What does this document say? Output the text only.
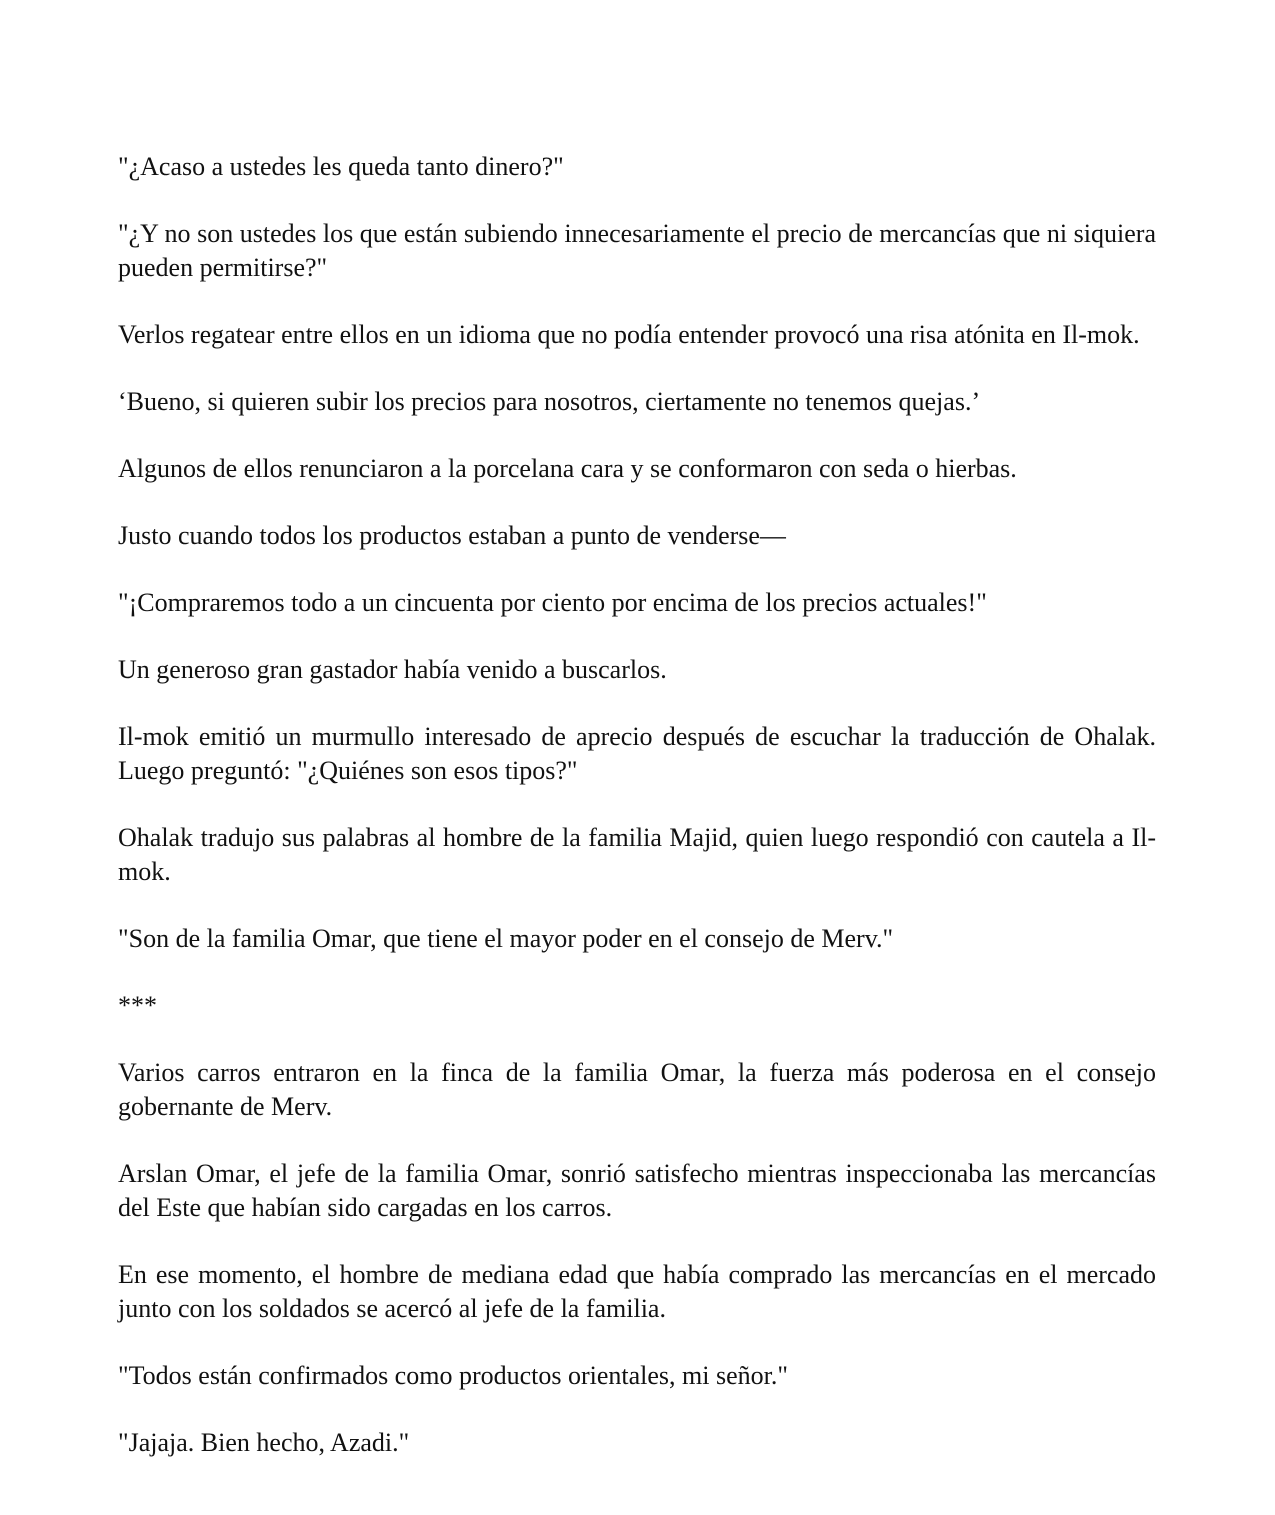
"¿Acaso a ustedes les queda tanto dinero?"

"¿Y no son ustedes los que están subiendo innecesariamente el precio de mercancías que ni siquiera pueden permitirse?"

Verlos regatear entre ellos en un idioma que no podía entender provocó una risa atónita en Il-mok.

‘Bueno, si quieren subir los precios para nosotros, ciertamente no tenemos quejas.’

Algunos de ellos renunciaron a la porcelana cara y se conformaron con seda o hierbas.

Justo cuando todos los productos estaban a punto de venderse—

"¡Compraremos todo a un cincuenta por ciento por encima de los precios actuales!"

Un generoso gran gastador había venido a buscarlos.

Il-mok emitió un murmullo interesado de aprecio después de escuchar la traducción de Ohalak. Luego preguntó: "¿Quiénes son esos tipos?"

Ohalak tradujo sus palabras al hombre de la familia Majid, quien luego respondió con cautela a Il-mok.

"Son de la familia Omar, que tiene el mayor poder en el consejo de Merv."

***

Varios carros entraron en la finca de la familia Omar, la fuerza más poderosa en el consejo gobernante de Merv.

Arslan Omar, el jefe de la familia Omar, sonrió satisfecho mientras inspeccionaba las mercancías del Este que habían sido cargadas en los carros.

En ese momento, el hombre de mediana edad que había comprado las mercancías en el mercado junto con los soldados se acercó al jefe de la familia.

"Todos están confirmados como productos orientales, mi señor."

"Jajaja. Bien hecho, Azadi."
